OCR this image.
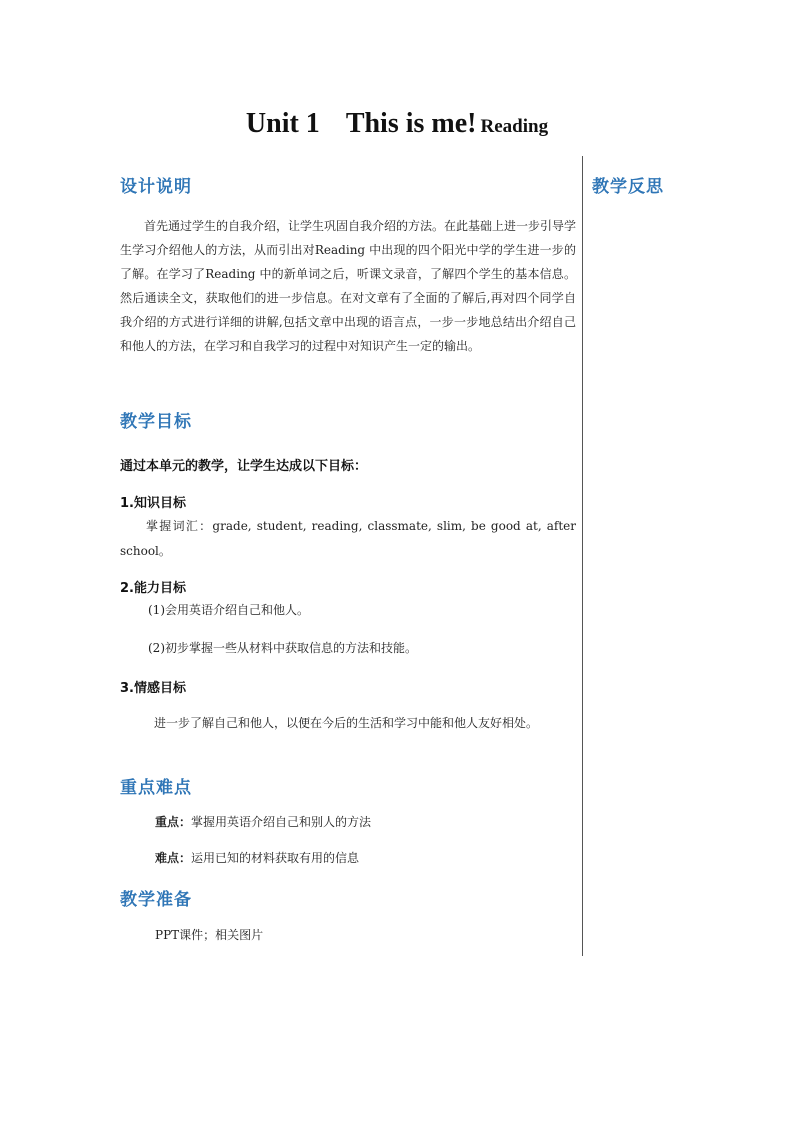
Unit 1 This is me! Reading
设计说明	教学反思

首先通过学生的自我介绍，让学生巩固自我介绍的方法。在此基础上进一步引导学生学习介绍他人的方法，从而引出对Reading 中出现的四个阳光中学的学生进一步的了解。在学习了Reading 中的新单词之后，听课文录音，了解四个学生的基本信息。然后通读全文，获取他们的进一步信息。在对文章有了全面的了解后,再对四个同学自我介绍的方式进行详细的讲解,包括文章中出现的语言点，一步一步地总结出介绍自己和他人的方法，在学习和自我学习的过程中对知识产生一定的输出。

教学目标

通过本单元的教学，让学生达成以下目标：

1.知识目标

掌握词汇：grade, student, reading, classmate, slim, be good at, after school。

2.能力目标

(1)会用英语介绍自己和他人。

(2)初步掌握一些从材料中获取信息的方法和技能。

3.情感目标

进一步了解自己和他人，以便在今后的生活和学习中能和他人友好相处。

重点难点

重点：掌握用英语介绍自己和别人的方法

难点：运用已知的材料获取有用的信息

教学准备

PPT课件；相关图片
